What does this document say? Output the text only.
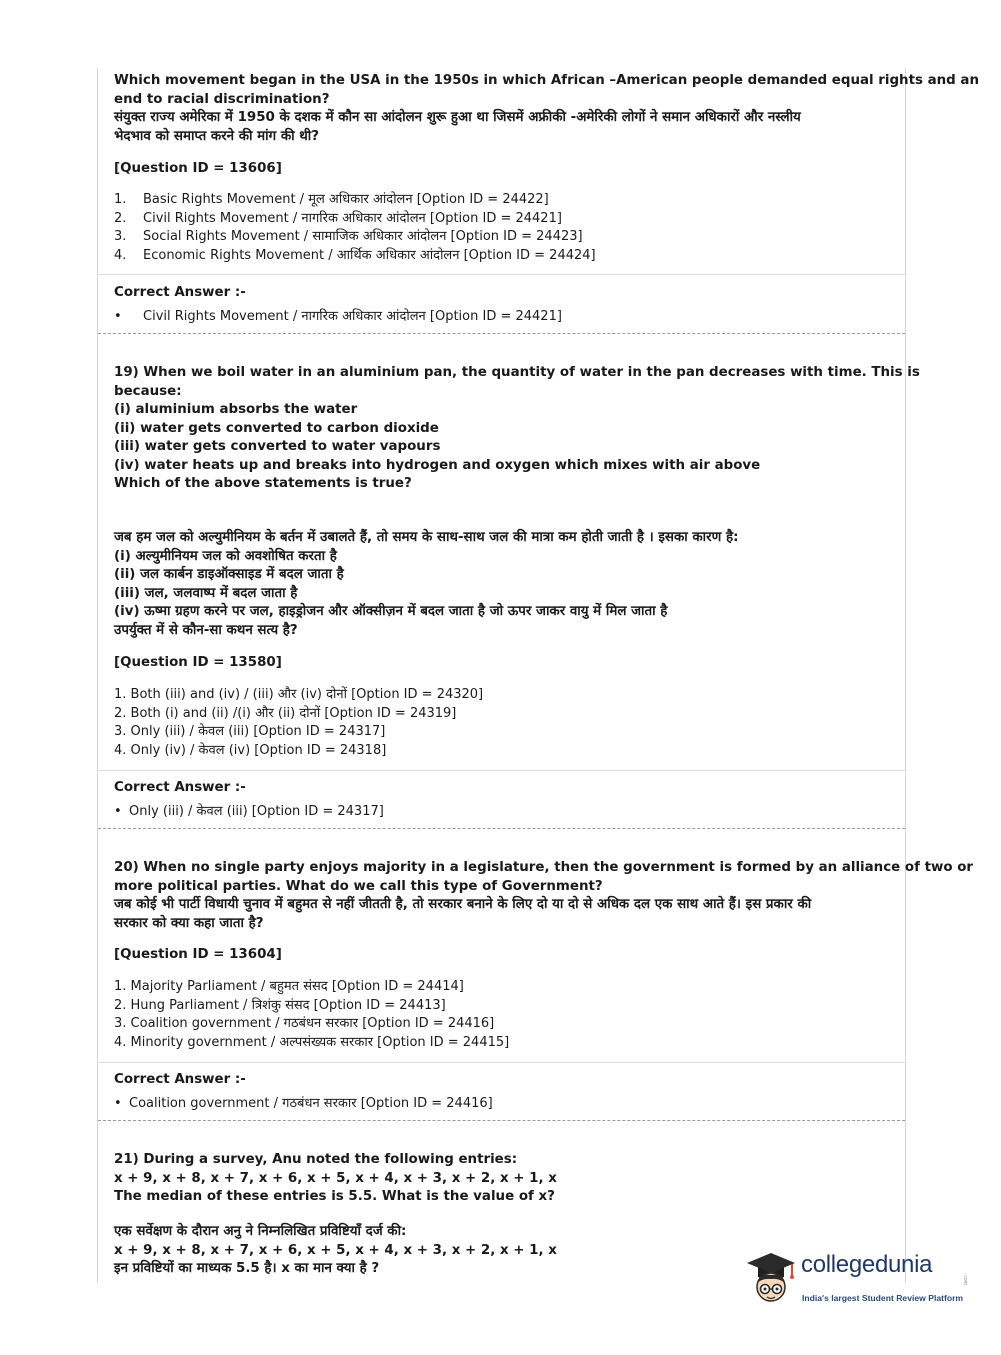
Which movement began in the USA in the 1950s in which African –American people demanded equal rights and an

end to racial discrimination?

संयुक्त राज्य अमेरिका में 1950 के दशक में कौन सा आंदोलन शुरू हुआ था जिसमें अफ्रीकी -अमेरिकी लोगों ने समान अधिकारों और नस्लीय

भेदभाव को समाप्त करने की मांग की थी?

[Question ID = 13606]
1. Basic Rights Movement / मूल अधिकार आंदोलन [Option ID = 24422]
2. Civil Rights Movement / नागरिक अधिकार आंदोलन [Option ID = 24421]
3. Social Rights Movement / सामाजिक अधिकार आंदोलन [Option ID = 24423]
4. Economic Rights Movement / आर्थिक अधिकार आंदोलन [Option ID = 24424]
Correct Answer :-
• Civil Rights Movement / नागरिक अधिकार आंदोलन [Option ID = 24421]

19) When we boil water in an aluminium pan, the quantity of water in the pan decreases with time. This is

because:

(i) aluminium absorbs the water

(ii) water gets converted to carbon dioxide

(iii) water gets converted to water vapours

(iv) water heats up and breaks into hydrogen and oxygen which mixes with air above

Which of the above statements is true?

जब हम जल को अल्युमीनियम के बर्तन में उबालते हैं, तो समय के साथ-साथ जल की मात्रा कम होती जाती है । इसका कारण है:

(i) अल्युमीनियम जल को अवशोषित करता है

(ii) जल कार्बन डाइऑक्साइड में बदल जाता है

(iii) जल, जलवाष्प में बदल जाता है

(iv) ऊष्मा ग्रहण करने पर जल, हाइड्रोजन और ऑक्सीज़न में बदल जाता है जो ऊपर जाकर वायु में मिल जाता है

उपर्युक्त में से कौन-सा कथन सत्य है?

[Question ID = 13580]
1. Both (iii) and (iv) / (iii) और (iv) दोनों [Option ID = 24320]
2. Both (i) and (ii) /(i) और (ii) दोनों [Option ID = 24319]
3. Only (iii) / केवल (iii) [Option ID = 24317]
4. Only (iv) / केवल (iv) [Option ID = 24318]
Correct Answer :-
• Only (iii) / केवल (iii) [Option ID = 24317]

20) When no single party enjoys majority in a legislature, then the government is formed by an alliance of two or

more political parties. What do we call this type of Government?

जब कोई भी पार्टी विधायी चुनाव में बहुमत से नहीं जीतती है, तो सरकार बनाने के लिए दो या दो से अधिक दल एक साथ आते हैं। इस प्रकार की

सरकार को क्या कहा जाता है?

[Question ID = 13604]
1. Majority Parliament / बहुमत संसद [Option ID = 24414]
2. Hung Parliament / त्रिशंकु संसद [Option ID = 24413]
3. Coalition government / गठबंधन सरकार [Option ID = 24416]
4. Minority government / अल्पसंख्यक सरकार [Option ID = 24415]
Correct Answer :-
• Coalition government / गठबंधन सरकार [Option ID = 24416]

21) During a survey, Anu noted the following entries:

x + 9, x + 8, x + 7, x + 6, x + 5, x + 4, x + 3, x + 2, x + 1, x

The median of these entries is 5.5. What is the value of x?

एक सर्वेक्षण के दौरान अनु ने निम्नलिखित प्रविष्टियाँ दर्ज की:

x + 9, x + 8, x + 7, x + 6, x + 5, x + 4, x + 3, x + 2, x + 1, x

इन प्रविष्टियों का माध्यक 5.5 है। x का मान क्या है ?	collegedunia
.com
India's largest Student Review Platform
